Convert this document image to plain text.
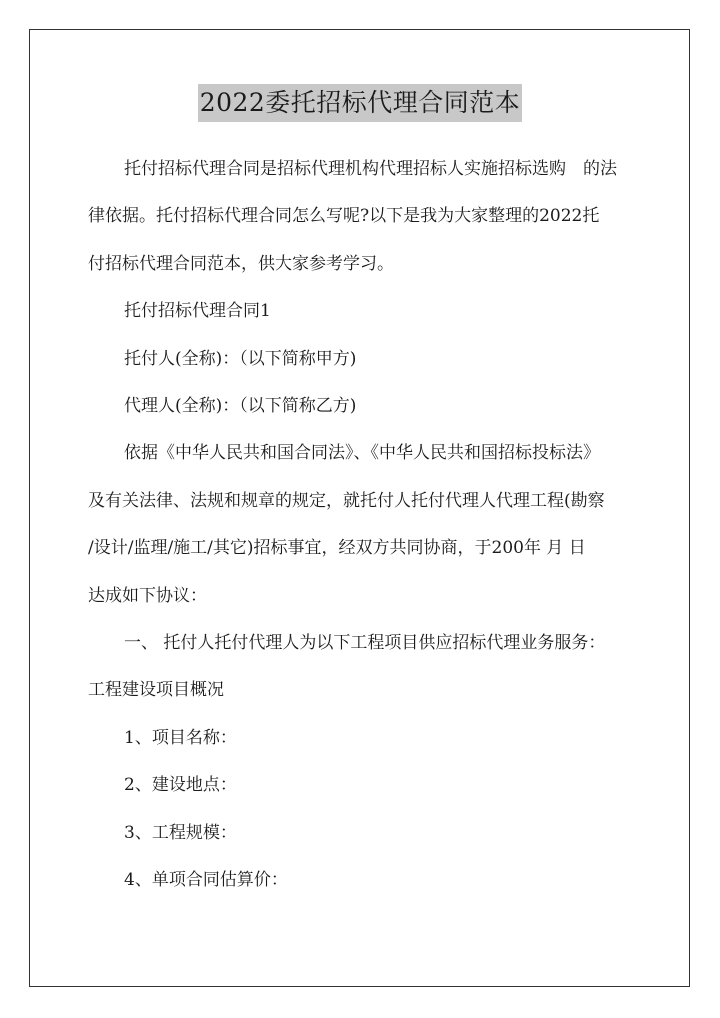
2022委托招标代理合同范本

托付招标代理合同是招标代理机构代理招标人实施招标选购　的法

律依据。托付招标代理合同怎么写呢?以下是我为大家整理的2022托

付招标代理合同范本，供大家参考学习。

托付招标代理合同1

托付人(全称)：（以下简称甲方)

代理人(全称)：（以下简称乙方)

依据《中华人民共和国合同法》、《中华人民共和国招标投标法》

及有关法律、法规和规章的规定，就托付人托付代理人代理工程(勘察

/设计/监理/施工/其它)招标事宜，经双方共同协商，于200年 月 日

达成如下协议：

一、 托付人托付代理人为以下工程项目供应招标代理业务服务：

工程建设项目概况

1、项目名称：

2、建设地点：

3、工程规模：

4、单项合同估算价：
